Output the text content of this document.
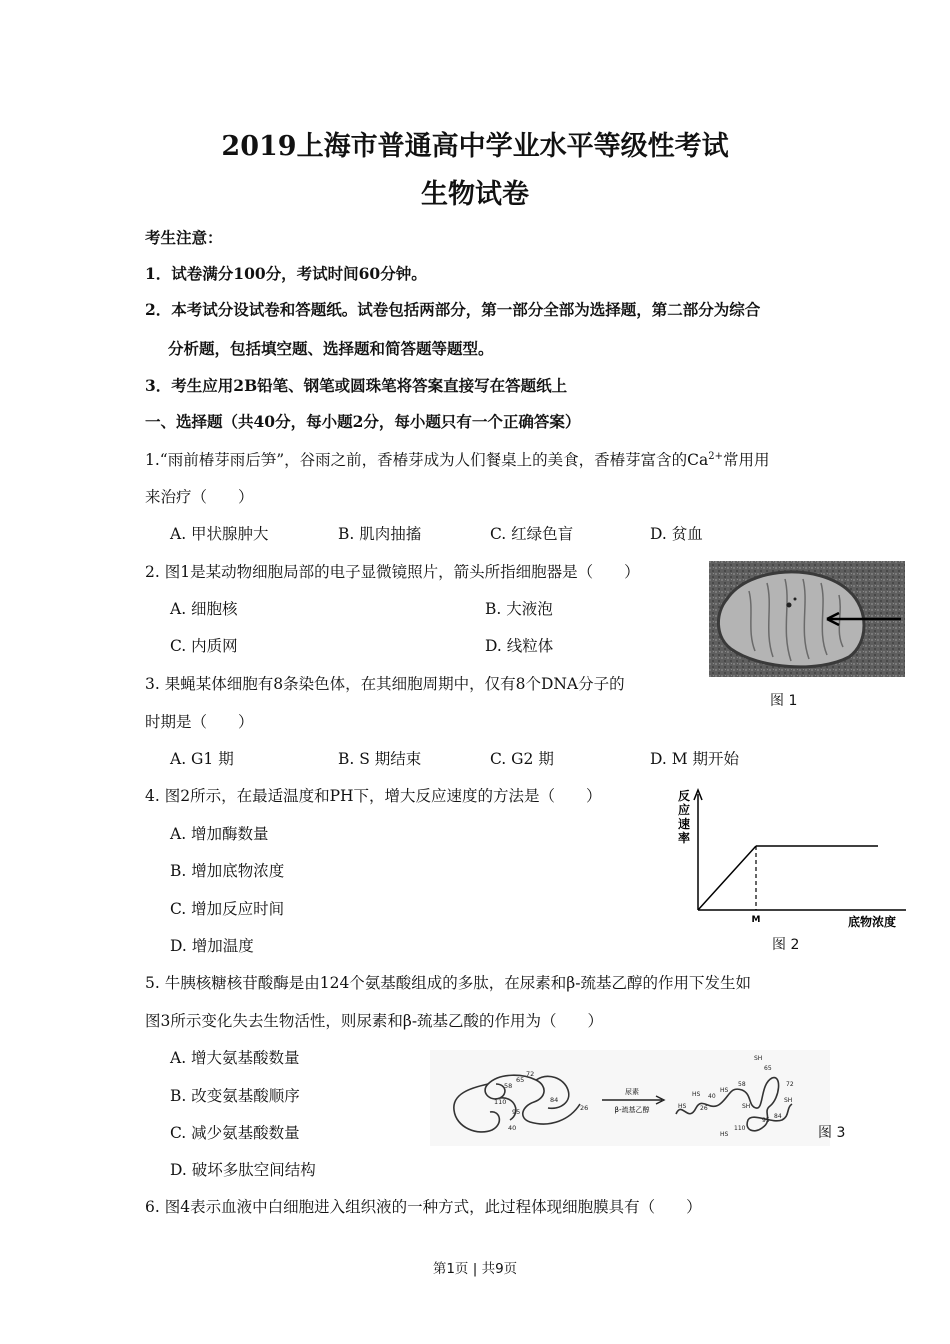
2019上海市普通高中学业水平等级性考试
生物试卷
考生注意：
1．试卷满分100分，考试时间60分钟。
2．本考试分设试卷和答题纸。试卷包括两部分，第一部分全部为选择题，第二部分为综合
分析题，包括填空题、选择题和简答题等题型。
3．考生应用2B铅笔、钢笔或圆珠笔将答案直接写在答题纸上
一、选择题（共40分，每小题2分，每小题只有一个正确答案）
1.“雨前椿芽雨后笋”，谷雨之前，香椿芽成为人们餐桌上的美食，香椿芽富含的$Ca^{2+}$常用用
来治疗（　　）
A. 甲状腺肿大	B. 肌肉抽搐	C. 红绿色盲	D. 贫血
2. 图1是某动物细胞局部的电子显微镜照片，箭头所指细胞器是（　　）
A. 细胞核	B. 大液泡
C. 内质网	D. 线粒体
图 1
3. 果蝇某体细胞有8条染色体，在其细胞周期中，仅有8个DNA分子的
时期是（　　）
A. G1 期	B. S 期结束	C. G2 期	D. M 期开始
4. 图2所示，在最适温度和PH下，增大反应速度的方法是（　　）
A. 增加酶数量
B. 增加底物浓度
C. 增加反应时间
D. 增加温度
M
反
应
速
率
底物浓度
图 2
5. 牛胰核糖核苷酸酶是由124个氨基酸组成的多肽，在尿素和β-巯基乙醇的作用下发生如
图3所示变化失去生物活性，则尿素和β-巯基乙酸的作用为（　　）
A. 增大氨基酸数量
B. 改变氨基酸顺序
C. 减少氨基酸数量
D. 破坏多肽空间结构
72
65
58
110	84
95
40
26
尿素
β-巯基乙醇
SH
65
72
HS
HS
58
HS
40
SH
26
SH
84
95
110
HS	图 3
6. 图4表示血液中白细胞进入组织液的一种方式，此过程体现细胞膜具有（　　）
第1页 | 共9页
